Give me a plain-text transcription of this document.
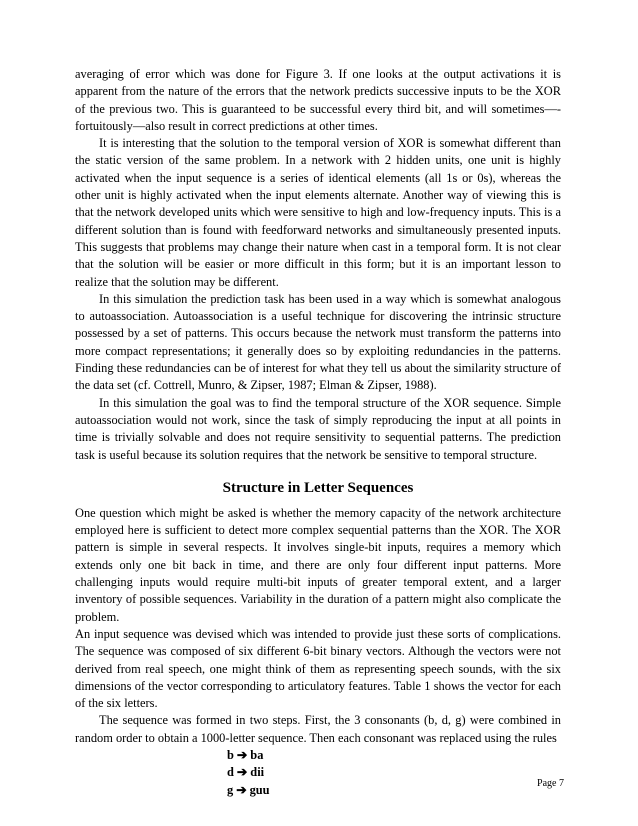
averaging of error which was done for Figure 3. If one looks at the output activations it is apparent from the nature of the errors that the network predicts successive inputs to be the XOR of the previous two. This is guaranteed to be successful every third bit, and will sometimes—-fortuitously—also result in correct predictions at other times.

It is interesting that the solution to the temporal version of XOR is somewhat different than the static version of the same problem. In a network with 2 hidden units, one unit is highly activated when the input sequence is a series of identical elements (all 1s or 0s), whereas the other unit is highly activated when the input elements alternate. Another way of viewing this is that the network developed units which were sensitive to high and low-frequency inputs. This is a different solution than is found with feedforward networks and simultaneously presented inputs. This suggests that problems may change their nature when cast in a temporal form. It is not clear that the solution will be easier or more difficult in this form; but it is an important lesson to realize that the solution may be different.

In this simulation the prediction task has been used in a way which is somewhat analogous to autoassociation. Autoassociation is a useful technique for discovering the intrinsic structure possessed by a set of patterns. This occurs because the network must transform the patterns into more compact representations; it generally does so by exploiting redundancies in the patterns. Finding these redundancies can be of interest for what they tell us about the similarity structure of the data set (cf. Cottrell, Munro, & Zipser, 1987; Elman & Zipser, 1988).

In this simulation the goal was to find the temporal structure of the XOR sequence. Simple autoassociation would not work, since the task of simply reproducing the input at all points in time is trivially solvable and does not require sensitivity to sequential patterns. The prediction task is useful because its solution requires that the network be sensitive to temporal structure.

Structure in Letter Sequences

One question which might be asked is whether the memory capacity of the network architecture employed here is sufficient to detect more complex sequential patterns than the XOR. The XOR pattern is simple in several respects. It involves single-bit inputs, requires a memory which extends only one bit back in time, and there are only four different input patterns. More challenging inputs would require multi-bit inputs of greater temporal extent, and a larger inventory of possible sequences. Variability in the duration of a pattern might also complicate the problem.

An input sequence was devised which was intended to provide just these sorts of complications. The sequence was composed of six different 6-bit binary vectors. Although the vectors were not derived from real speech, one might think of them as representing speech sounds, with the six dimensions of the vector corresponding to articulatory features. Table 1 shows the vector for each of the six letters.

The sequence was formed in two steps. First, the 3 consonants (b, d, g) were combined in random order to obtain a 1000-letter sequence. Then each consonant was replaced using the rules

b ➔ ba
d ➔ dii
g ➔ guu	Page 7
